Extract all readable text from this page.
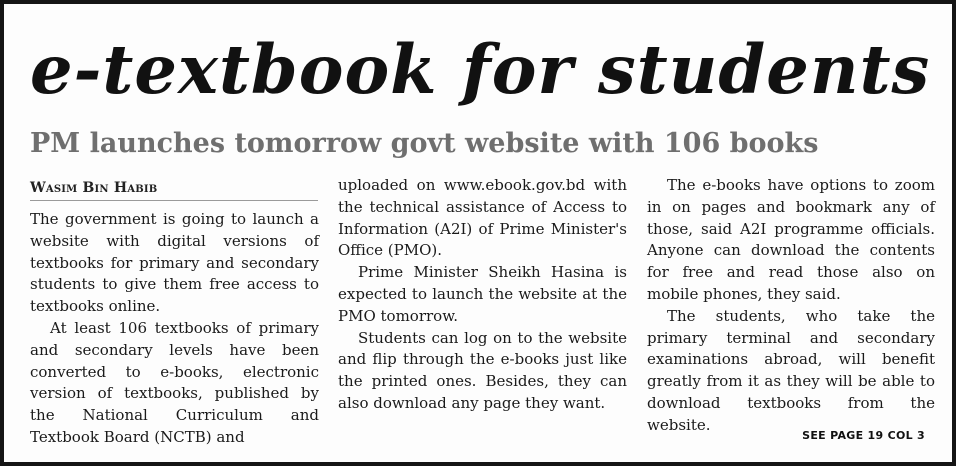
e-textbook for students
PM launches tomorrow govt website with 106 books
Wasim Bin Habib

The government is going to launch a website with digital versions of textbooks for primary and secondary students to give them free access to textbooks online.

At least 106 textbooks of primary and secondary levels have been converted to e-books, electronic version of textbooks, published by the National Curriculum and Textbook Board (NCTB) and

uploaded on www.ebook.gov.bd with the technical assistance of Access to Information (A2I) of Prime Minister's Office (PMO).

Prime Minister Sheikh Hasina is expected to launch the website at the PMO tomorrow.

Students can log on to the website and flip through the e-books just like the printed ones. Besides, they can also download any page they want.

The e-books have options to zoom in on pages and bookmark any of those, said A2I programme officials. Anyone can download the contents for free and read those also on mobile phones, they said.

The students, who take the primary terminal and secondary examinations abroad, will benefit greatly from it as they will be able to download textbooks from the website.

SEE PAGE 19 COL 3
